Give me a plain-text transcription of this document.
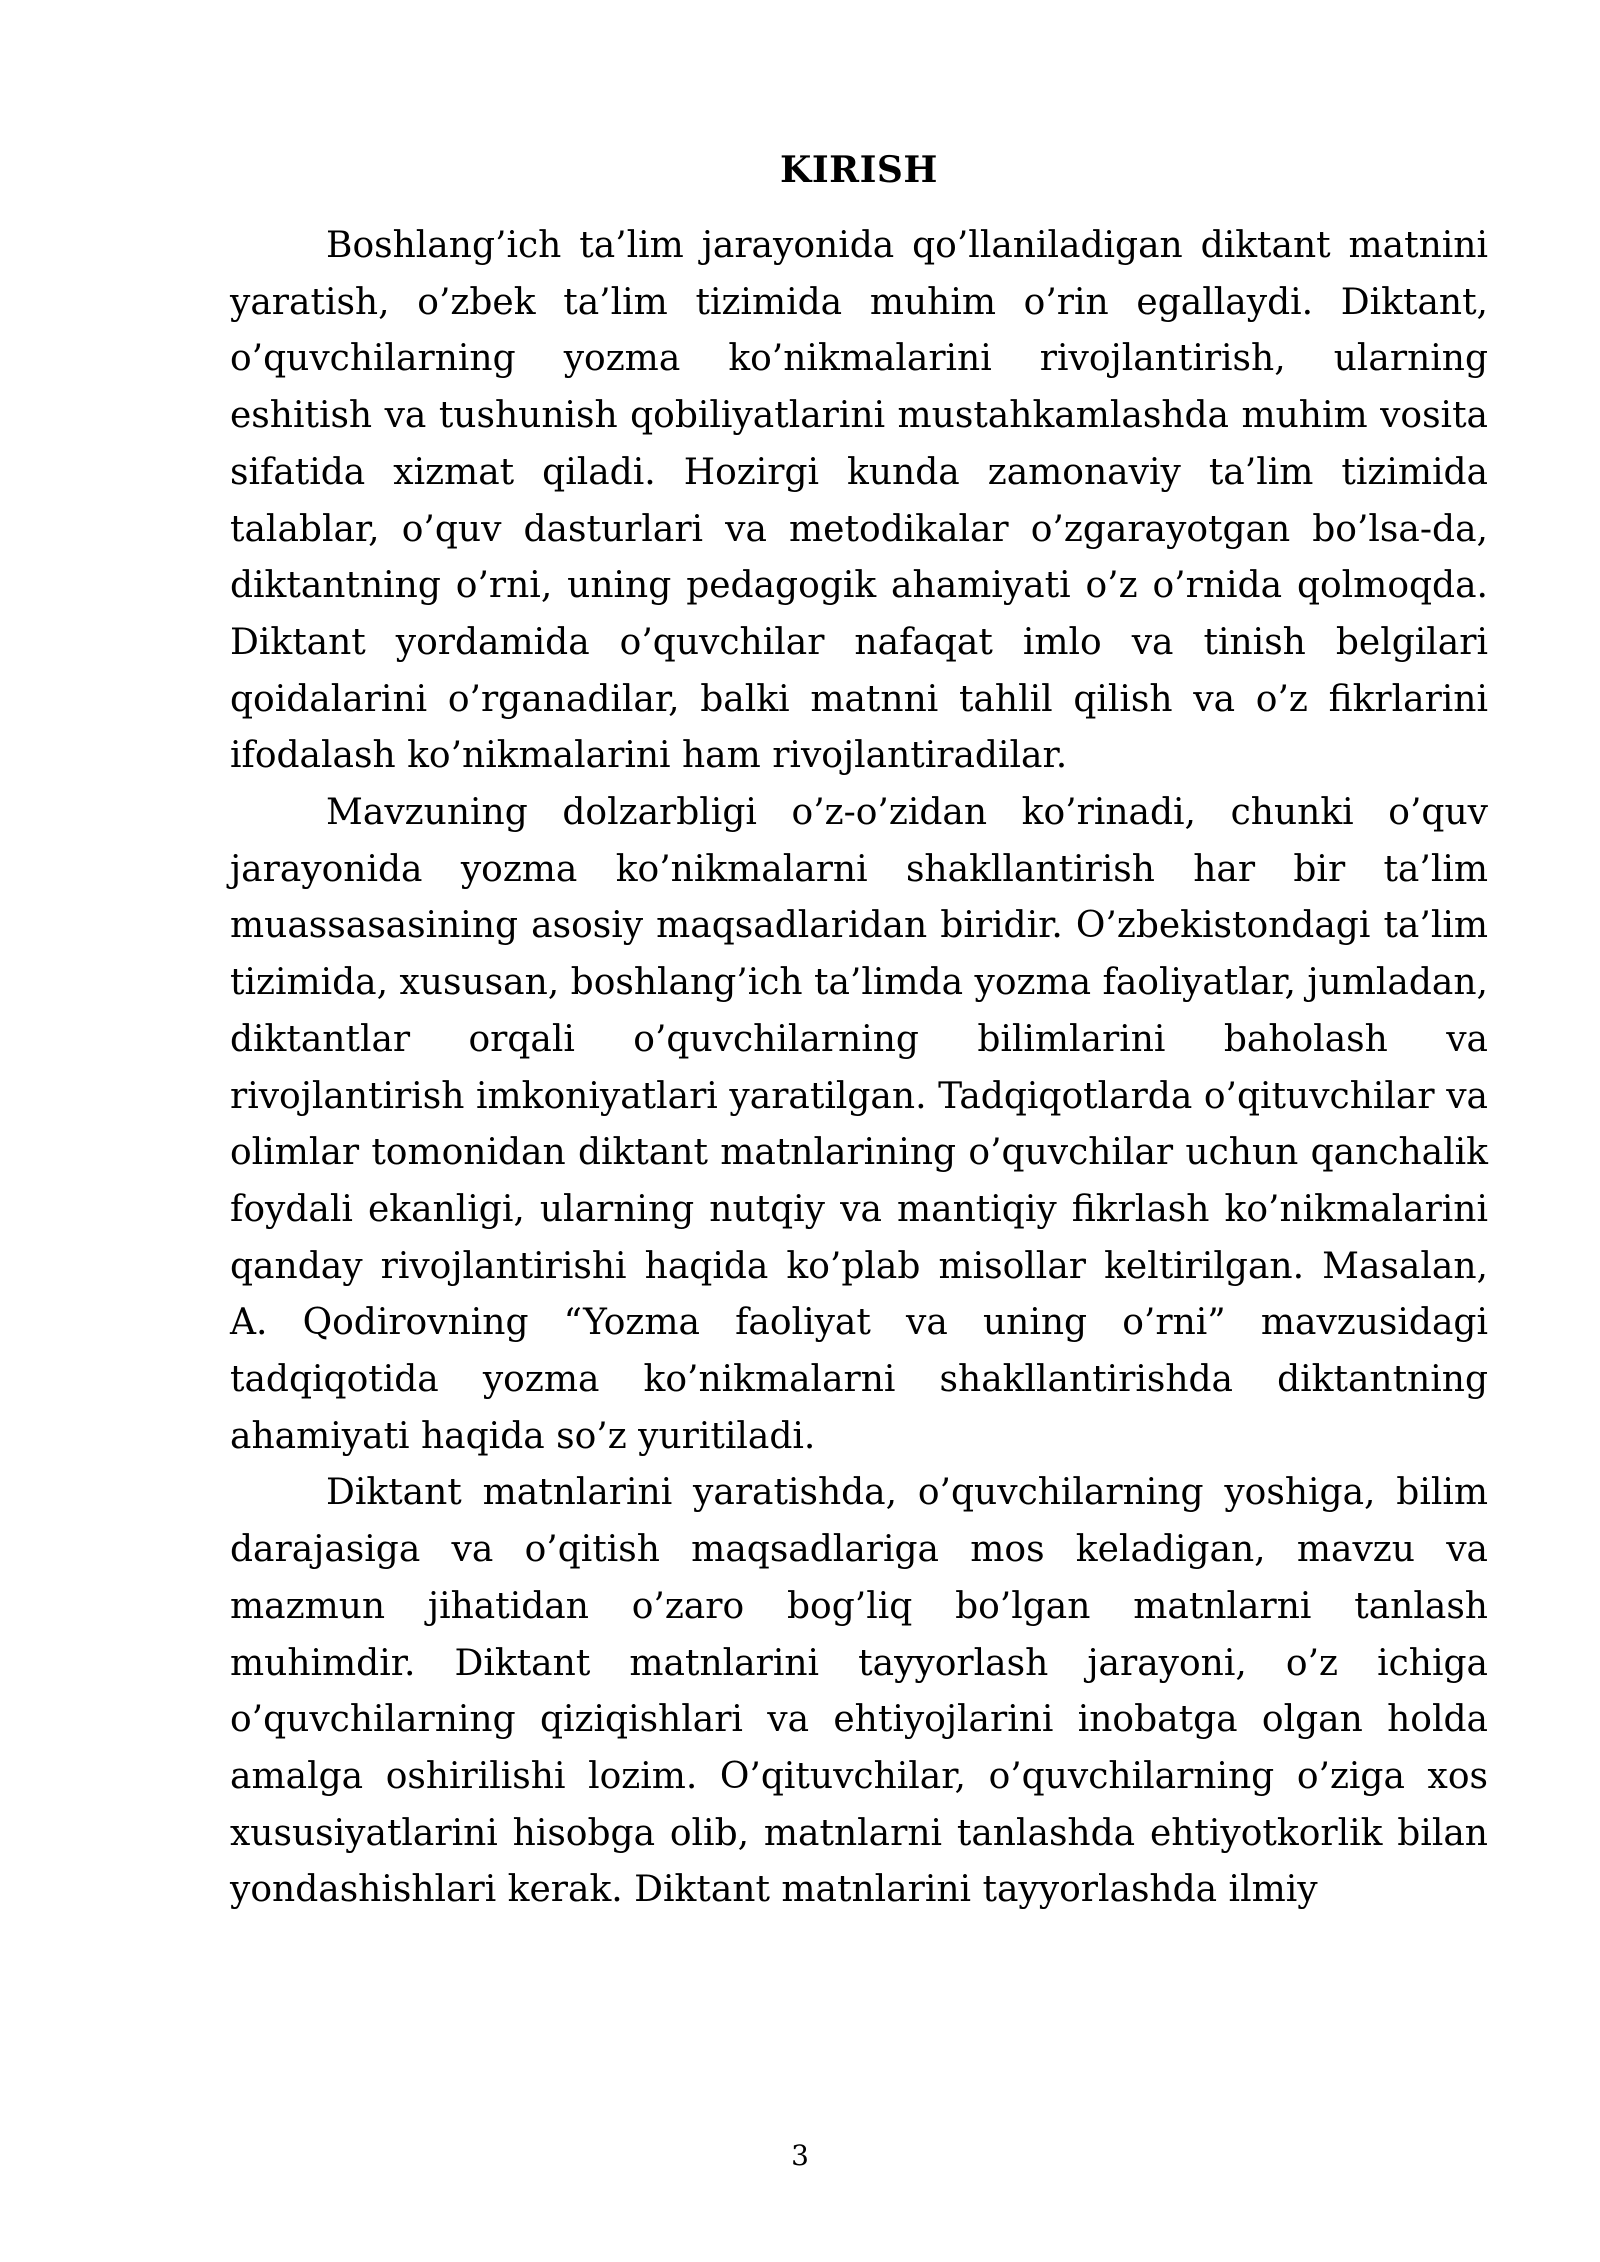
KIRISH

Boshlang’ich ta’lim jarayonida qo’llaniladigan diktant matnini yaratish, o’zbek ta’lim tizimida muhim o’rin egallaydi. Diktant, o’quvchilarning yozma ko’nikmalarini rivojlantirish, ularning eshitish va tushunish qobiliyatlarini mustahkamlashda muhim vosita sifatida xizmat qiladi. Hozirgi kunda zamonaviy ta’lim tizimida talablar, o’quv dasturlari va metodikalar o’zgarayotgan bo’lsa-da, diktantning o’rni, uning pedagogik ahamiyati o’z o’rnida qolmoqda. Diktant yordamida o’quvchilar nafaqat imlo va tinish belgilari qoidalarini o’rganadilar, balki matnni tahlil qilish va o’z fikrlarini ifodalash ko’nikmalarini ham rivojlantiradilar.

Mavzuning dolzarbligi o’z-o’zidan ko’rinadi, chunki o’quv jarayonida yozma ko’nikmalarni shakllantirish har bir ta’lim muassasasining asosiy maqsadlaridan biridir. O’zbekistondagi ta’lim tizimida, xususan, boshlang’ich ta’limda yozma faoliyatlar, jumladan, diktantlar orqali o’quvchilarning bilimlarini baholash va rivojlantirish imkoniyatlari yaratilgan. Tadqiqotlarda o’qituvchilar va olimlar tomonidan diktant matnlarining o’quvchilar uchun qanchalik foydali ekanligi, ularning nutqiy va mantiqiy fikrlash ko’nikmalarini qanday rivojlantirishi haqida ko’plab misollar keltirilgan. Masalan, A. Qodirovning “Yozma faoliyat va uning o’rni” mavzusidagi tadqiqotida yozma ko’nikmalarni shakllantirishda diktantning ahamiyati haqida so’z yuritiladi.

Diktant matnlarini yaratishda, o’quvchilarning yoshiga, bilim darajasiga va o’qitish maqsadlariga mos keladigan, mavzu va mazmun jihatidan o’zaro bog’liq bo’lgan matnlarni tanlash muhimdir. Diktant matnlarini tayyorlash jarayoni, o’z ichiga o’quvchilarning qiziqishlari va ehtiyojlarini inobatga olgan holda amalga oshirilishi lozim. O’qituvchilar, o’quvchilarning o’ziga xos xususiyatlarini hisobga olib, matnlarni tanlashda ehtiyotkorlik bilan yondashishlari kerak. Diktant matnlarini tayyorlashda ilmiy

3
